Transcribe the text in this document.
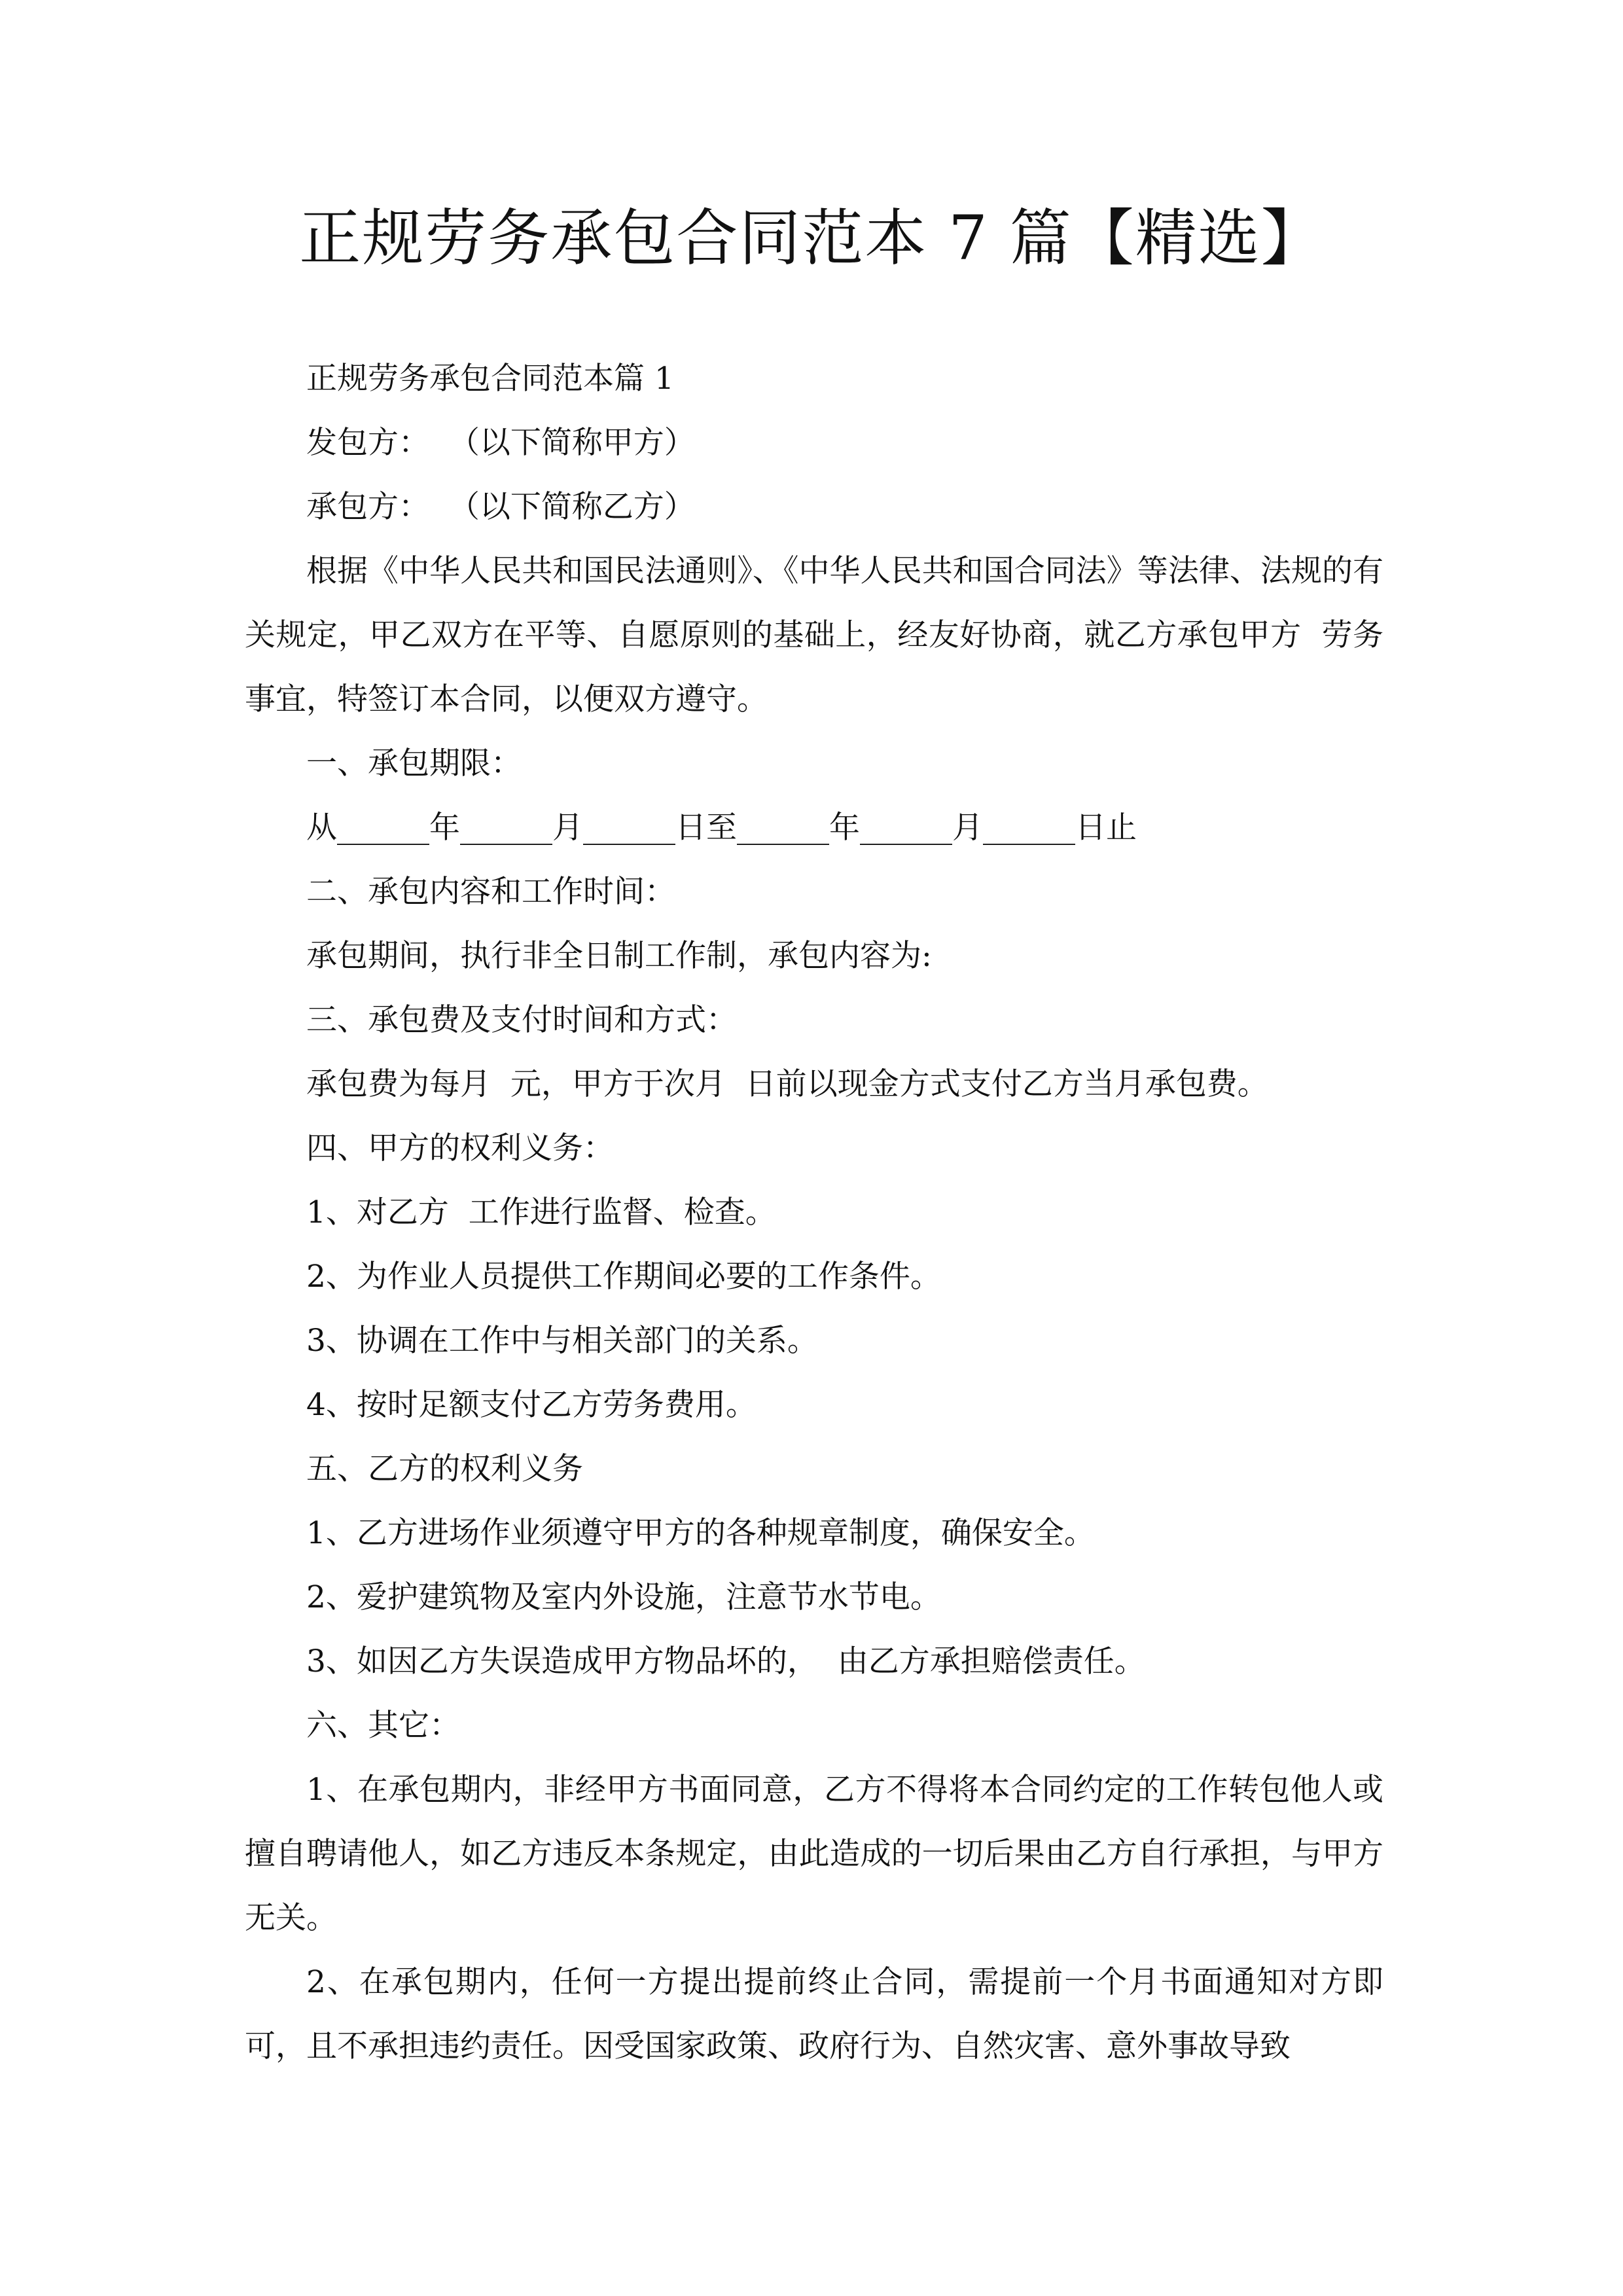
正规劳务承包合同范本 7 篇【精选】

正规劳务承包合同范本篇 1

发包方：  （以下简称甲方）

承包方：  （以下简称乙方）

根据《中华人民共和国民法通则》、《中华人民共和国合同法》等法律、法规的有关规定，甲乙双方在平等、自愿原则的基础上，经友好协商，就乙方承包甲方  劳务事宜，特签订本合同，以便双方遵守。

一、承包期限：

从______年______月______日至______年______月______日止

二、承包内容和工作时间：

承包期间，执行非全日制工作制，承包内容为:

三、承包费及支付时间和方式：

承包费为每月  元，甲方于次月  日前以现金方式支付乙方当月承包费。

四、甲方的权利义务：

1、对乙方  工作进行监督、检查。

2、为作业人员提供工作期间必要的工作条件。

3、协调在工作中与相关部门的关系。

4、按时足额支付乙方劳务费用。

五、乙方的权利义务

1、乙方进场作业须遵守甲方的各种规章制度，确保安全。

2、爱护建筑物及室内外设施，注意节水节电。

3、如因乙方失误造成甲方物品坏的，  由乙方承担赔偿责任。

六、其它：

1、在承包期内，非经甲方书面同意，乙方不得将本合同约定的工作转包他人或擅自聘请他人，如乙方违反本条规定，由此造成的一切后果由乙方自行承担，与甲方无关。

2、在承包期内，任何一方提出提前终止合同，需提前一个月书面通知对方即可，且不承担违约责任。因受国家政策、政府行为、自然灾害、意外事故导致
